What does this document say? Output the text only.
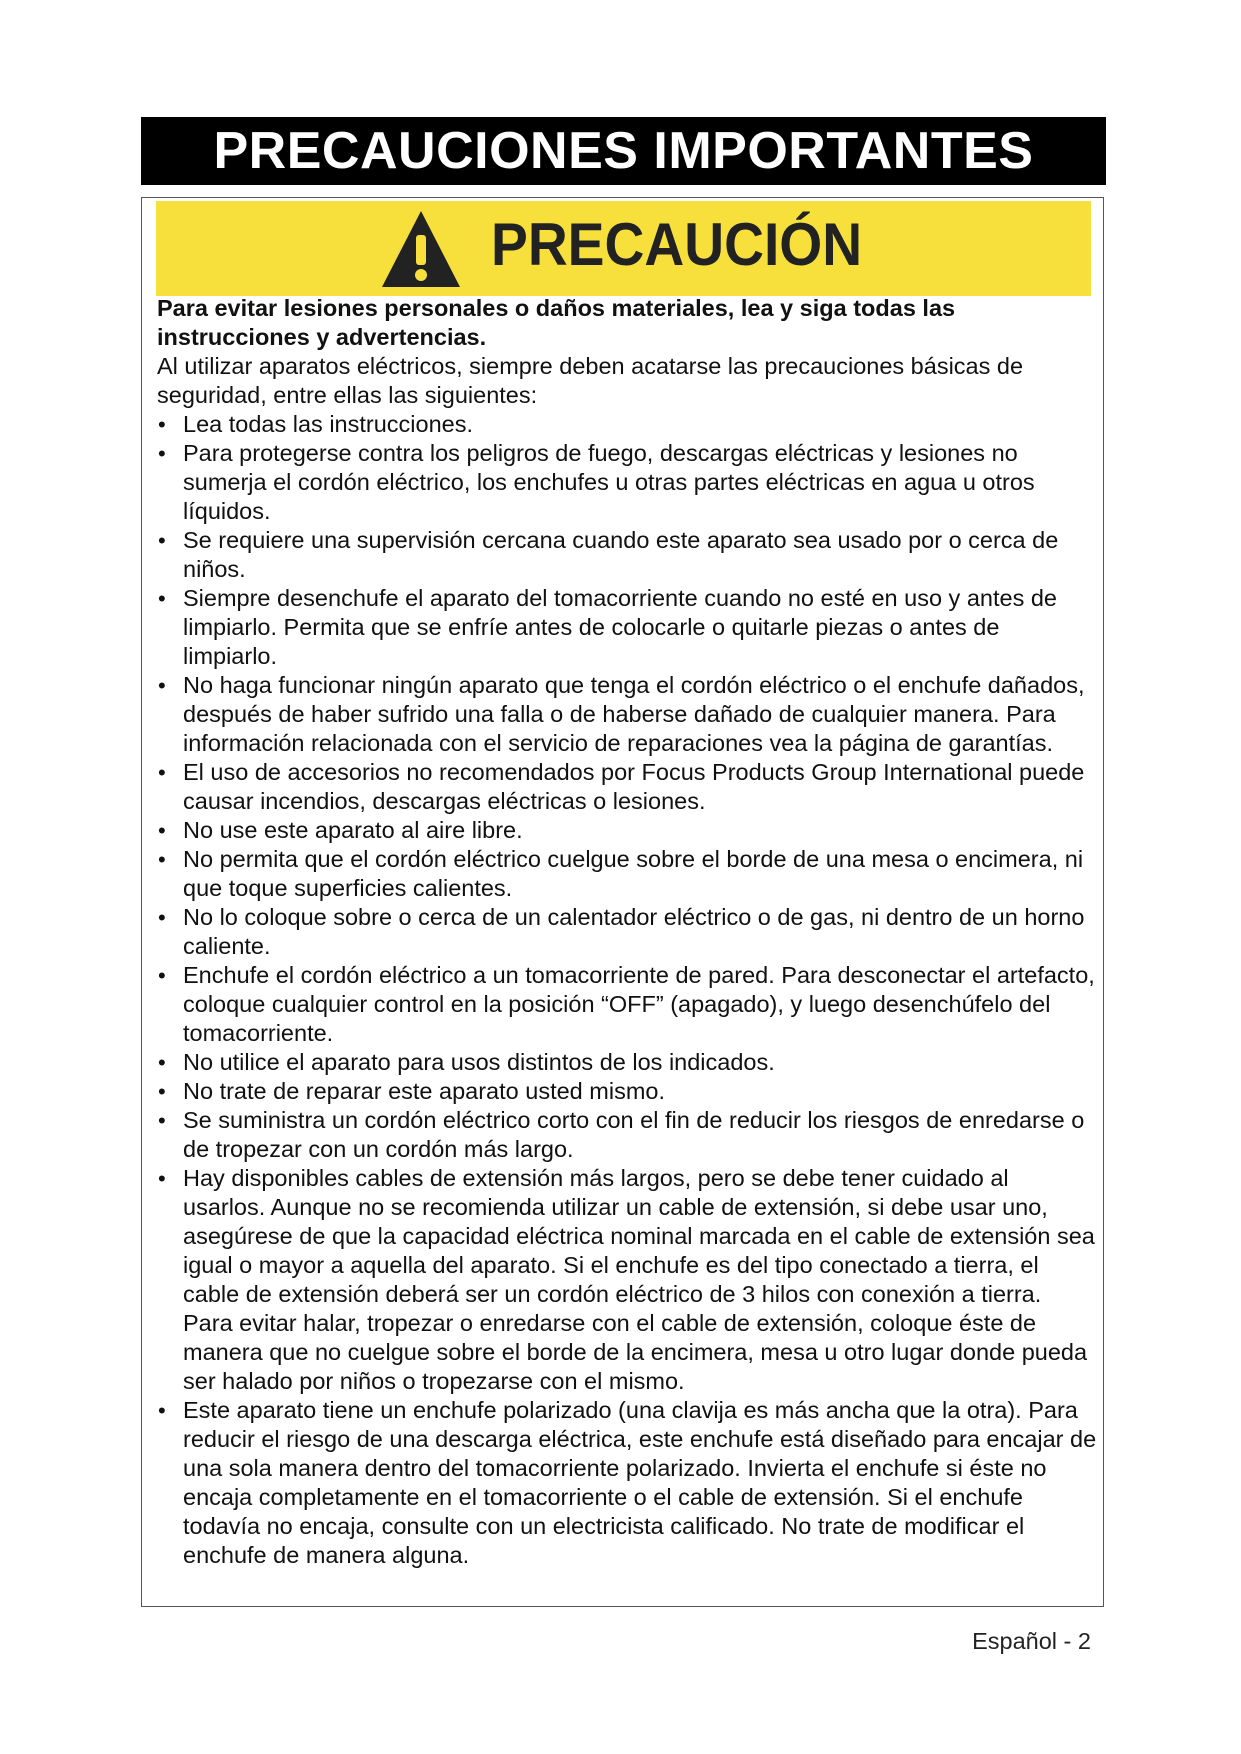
PRECAUCIONES IMPORTANTES
PRECAUCIÓN

Para evitar lesiones personales o daños materiales, lea y siga todas las instrucciones y advertencias.

Al utilizar aparatos eléctricos, siempre deben acatarse las precauciones básicas de seguridad, entre ellas las siguientes:

• Lea todas las instrucciones.
• Para protegerse contra los peligros de fuego, descargas eléctricas y lesiones no sumerja el cordón eléctrico, los enchufes u otras partes eléctricas en agua u otros líquidos.
• Se requiere una supervisión cercana cuando este aparato sea usado por o cerca de niños.
• Siempre desenchufe el aparato del tomacorriente cuando no esté en uso y antes de limpiarlo. Permita que se enfríe antes de colocarle o quitarle piezas o antes de limpiarlo.
• No haga funcionar ningún aparato que tenga el cordón eléctrico o el enchufe dañados, después de haber sufrido una falla o de haberse dañado de cualquier manera. Para información relacionada con el servicio de reparaciones vea la página de garantías.
• El uso de accesorios no recomendados por Focus Products Group International puede causar incendios, descargas eléctricas o lesiones.
• No use este aparato al aire libre.
• No permita que el cordón eléctrico cuelgue sobre el borde de una mesa o encimera, ni que toque superficies calientes.
• No lo coloque sobre o cerca de un calentador eléctrico o de gas, ni dentro de un horno caliente.
• Enchufe el cordón eléctrico a un tomacorriente de pared. Para desconectar el artefacto, coloque cualquier control en la posición “OFF” (apagado), y luego desenchúfelo del tomacorriente.
• No utilice el aparato para usos distintos de los indicados.
• No trate de reparar este aparato usted mismo.
• Se suministra un cordón eléctrico corto con el fin de reducir los riesgos de enredarse o de tropezar con un cordón más largo.
• Hay disponibles cables de extensión más largos, pero se debe tener cuidado al usarlos. Aunque no se recomienda utilizar un cable de extensión, si debe usar uno, asegúrese de que la capacidad eléctrica nominal marcada en el cable de extensión sea igual o mayor a aquella del aparato. Si el enchufe es del tipo conectado a tierra, el cable de extensión deberá ser un cordón eléctrico de 3 hilos con conexión a tierra. Para evitar halar, tropezar o enredarse con el cable de extensión, coloque éste de manera que no cuelgue sobre el borde de la encimera, mesa u otro lugar donde pueda ser halado por niños o tropezarse con el mismo.
• Este aparato tiene un enchufe polarizado (una clavija es más ancha que la otra). Para reducir el riesgo de una descarga eléctrica, este enchufe está diseñado para encajar de una sola manera dentro del tomacorriente polarizado. Invierta el enchufe si éste no encaja completamente en el tomacorriente o el cable de extensión. Si el enchufe todavía no encaja, consulte con un electricista calificado. No trate de modificar el enchufe de manera alguna.
Español - 2
